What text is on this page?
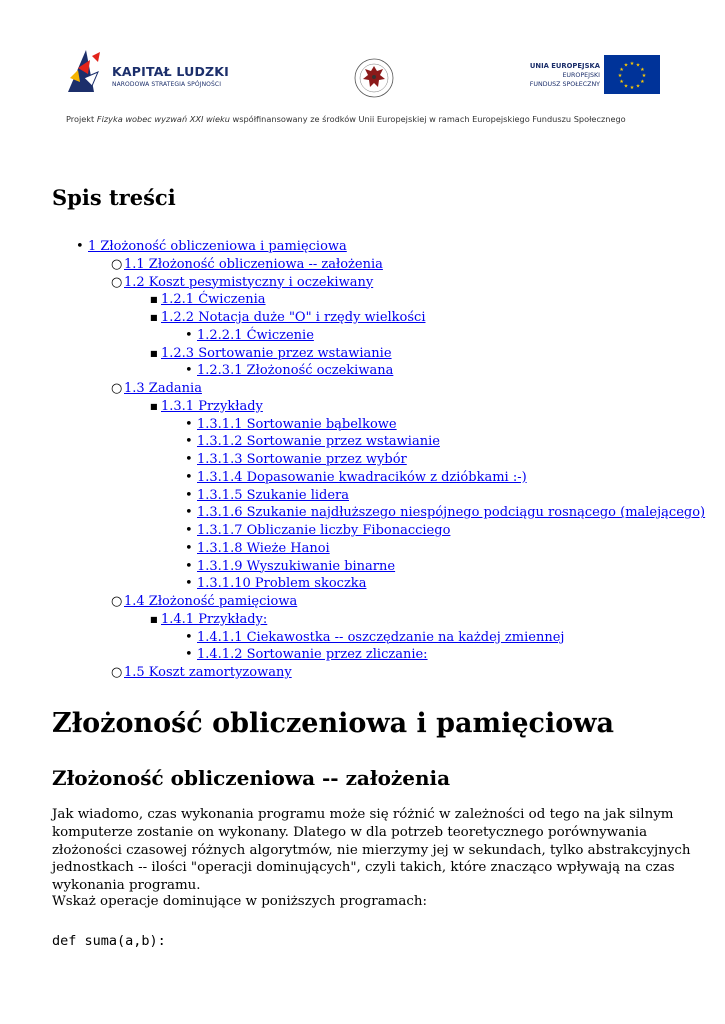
KAPITAŁ LUDZKI
NARODOWA STRATEGIA SPÓJNOŚCI
UNIA EUROPEJSKA
EUROPEJSKI
FUNDUSZ SPOŁECZNY
★ ★
★
★
★
★
★
★
★
★
★
★
Projekt Fizyka wobec wyzwań XXI wieku współfinansowany ze środków Unii Europejskiej w ramach Europejskiego Funduszu Społecznego
Spis treści
• 1 Złożoność obliczeniowa i pamięciowa
○ 1.1 Złożoność obliczeniowa -- założenia
○ 1.2 Koszt pesymistyczny i oczekiwany
■ 1.2.1 Ćwiczenia
■ 1.2.2 Notacja duże "O" i rzędy wielkości
• 1.2.2.1 Ćwiczenie
■ 1.2.3 Sortowanie przez wstawianie
• 1.2.3.1 Złożoność oczekiwana
○ 1.3 Zadania
■ 1.3.1 Przykłady
• 1.3.1.1 Sortowanie bąbelkowe
• 1.3.1.2 Sortowanie przez wstawianie
• 1.3.1.3 Sortowanie przez wybór
• 1.3.1.4 Dopasowanie kwadracików z dzióbkami :-)
• 1.3.1.5 Szukanie lidera
• 1.3.1.6 Szukanie najdłuższego niespójnego podciągu rosnącego (malejącego)
• 1.3.1.7 Obliczanie liczby Fibonacciego
• 1.3.1.8 Wieże Hanoi
• 1.3.1.9 Wyszukiwanie binarne
• 1.3.1.10 Problem skoczka
○ 1.4 Złożoność pamięciowa
■ 1.4.1 Przykłady:
• 1.4.1.1 Ciekawostka -- oszczędzanie na każdej zmiennej
• 1.4.1.2 Sortowanie przez zliczanie:
○ 1.5 Koszt zamortyzowany
Złożoność obliczeniowa i pamięciowa
Złożoność obliczeniowa -- założenia

Jak wiadomo, czas wykonania programu może się różnić w zależności od tego na jak silnym komputerze zostanie on wykonany. Dlatego w dla potrzeb teoretycznego porównywania złożoności czasowej różnych algorytmów, nie mierzymy jej w sekundach, tylko abstrakcyjnych jednostkach -- ilości "operacji dominujących", czyli takich, które znacząco wpływają na czas wykonania programu.

Wskaż operacje dominujące w poniższych programach:

def suma(a,b):
